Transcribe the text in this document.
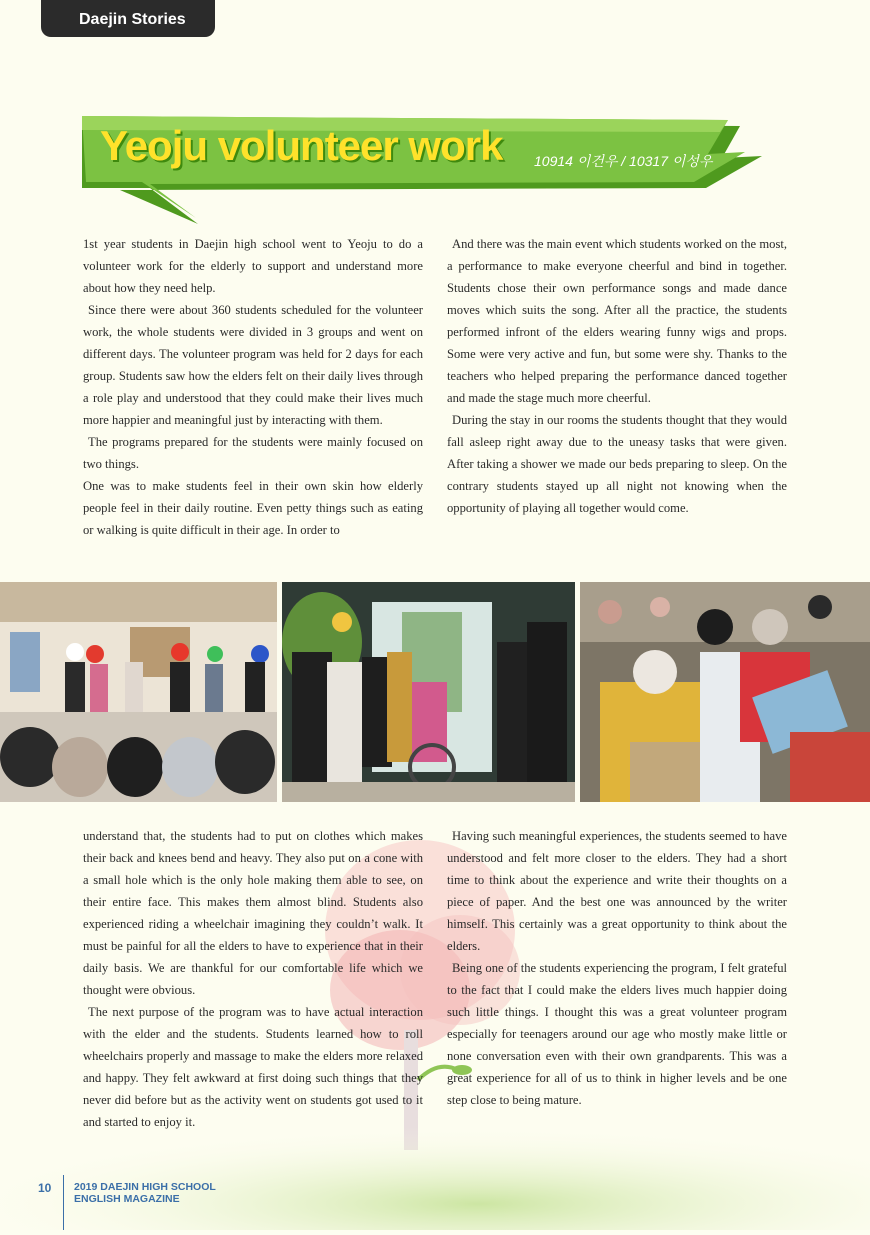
Daejin Stories
Yeoju volunteer work 10914 이건우 / 10317 이성우

1st year students in Daejin high school went to Yeoju to do a volunteer work for the elderly to support and understand more about how they need help.

Since there were about 360 students scheduled for the volunteer work, the whole students were divided in 3 groups and went on different days. The volunteer program was held for 2 days for each group. Students saw how the elders felt on their daily lives through a role play and understood that they could make their lives much more happier and meaningful just by interacting with them.

The programs prepared for the students were mainly focused on two things.

One was to make students feel in their own skin how elderly people feel in their daily routine. Even petty things such as eating or walking is quite difficult in their age. In order to

And there was the main event which students worked on the most, a performance to make everyone cheerful and bind in together. Students chose their own performance songs and made dance moves which suits the song. After all the practice, the students performed infront of the elders wearing funny wigs and props. Some were very active and fun, but some were shy. Thanks to the teachers who helped preparing the performance danced together and made the stage much more cheerful.

During the stay in our rooms the students thought that they would fall asleep right away due to the uneasy tasks that were given. After taking a shower we made our beds preparing to sleep. On the contrary students stayed up all night not knowing when the opportunity of playing all together would come.

understand that, the students had to put on clothes which makes their back and knees bend and heavy. They also put on a cone with a small hole which is the only hole making them able to see, on their entire face. This makes them almost blind. Students also experienced riding a wheelchair imagining they couldn’t walk. It must be painful for all the elders to have to experience that in their daily basis. We are thankful for our comfortable life which we thought were obvious.

The next purpose of the program was to have actual interaction with the elder and the students. Students learned how to roll wheelchairs properly and massage to make the elders more relaxed and happy. They felt awkward at first doing such things that they never did before but as the activity went on students got used to it and started to enjoy it.

Having such meaningful experiences, the students seemed to have understood and felt more closer to the elders. They had a short time to think about the experience and write their thoughts on a piece of paper. And the best one was announced by the writer himself. This certainly was a great opportunity to think about the elders.

Being one of the students experiencing the program, I felt grateful to the fact that I could make the elders lives much happier doing such little things. I thought this was a great volunteer program especially for teenagers around our age who mostly make little or none conversation even with their own grandparents. This was a great experience for all of us to think in higher levels and be one step close to being mature.

10 2019 DAEJIN HIGH SCHOOL
ENGLISH MAGAZINE
